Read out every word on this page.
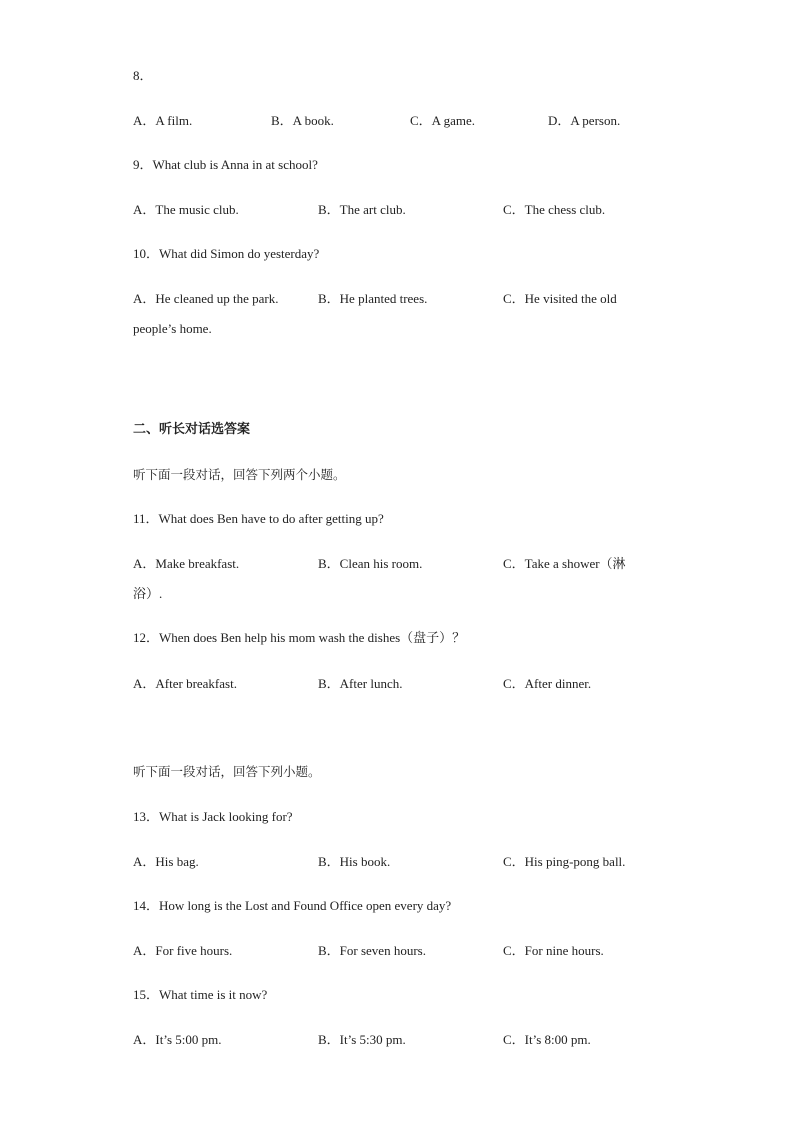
8．
A．A film.	B．A book.	C．A game.	D．A person.
9．What club is Anna in at school?
A．The music club.	B．The art club.	C．The chess club.
10．What did Simon do yesterday?
A．He cleaned up the park.	B．He planted trees.	C．He visited the old
people’s home.
二、听长对话选答案
听下面一段对话，回答下列两个小题。
11．What does Ben have to do after getting up?
A．Make breakfast.	B．Clean his room.	C．Take a shower（淋
浴）.
12．When does Ben help his mom wash the dishes（盘子）？
A．After breakfast.	B．After lunch.	C．After dinner.
听下面一段对话，回答下列小题。
13．What is Jack looking for?
A．His bag.	B．His book.	C．His ping-pong ball.
14．How long is the Lost and Found Office open every day?
A．For five hours.	B．For seven hours.	C．For nine hours.
15．What time is it now?
A．It’s 5:00 pm.	B．It’s 5:30 pm.	C．It’s 8:00 pm.
